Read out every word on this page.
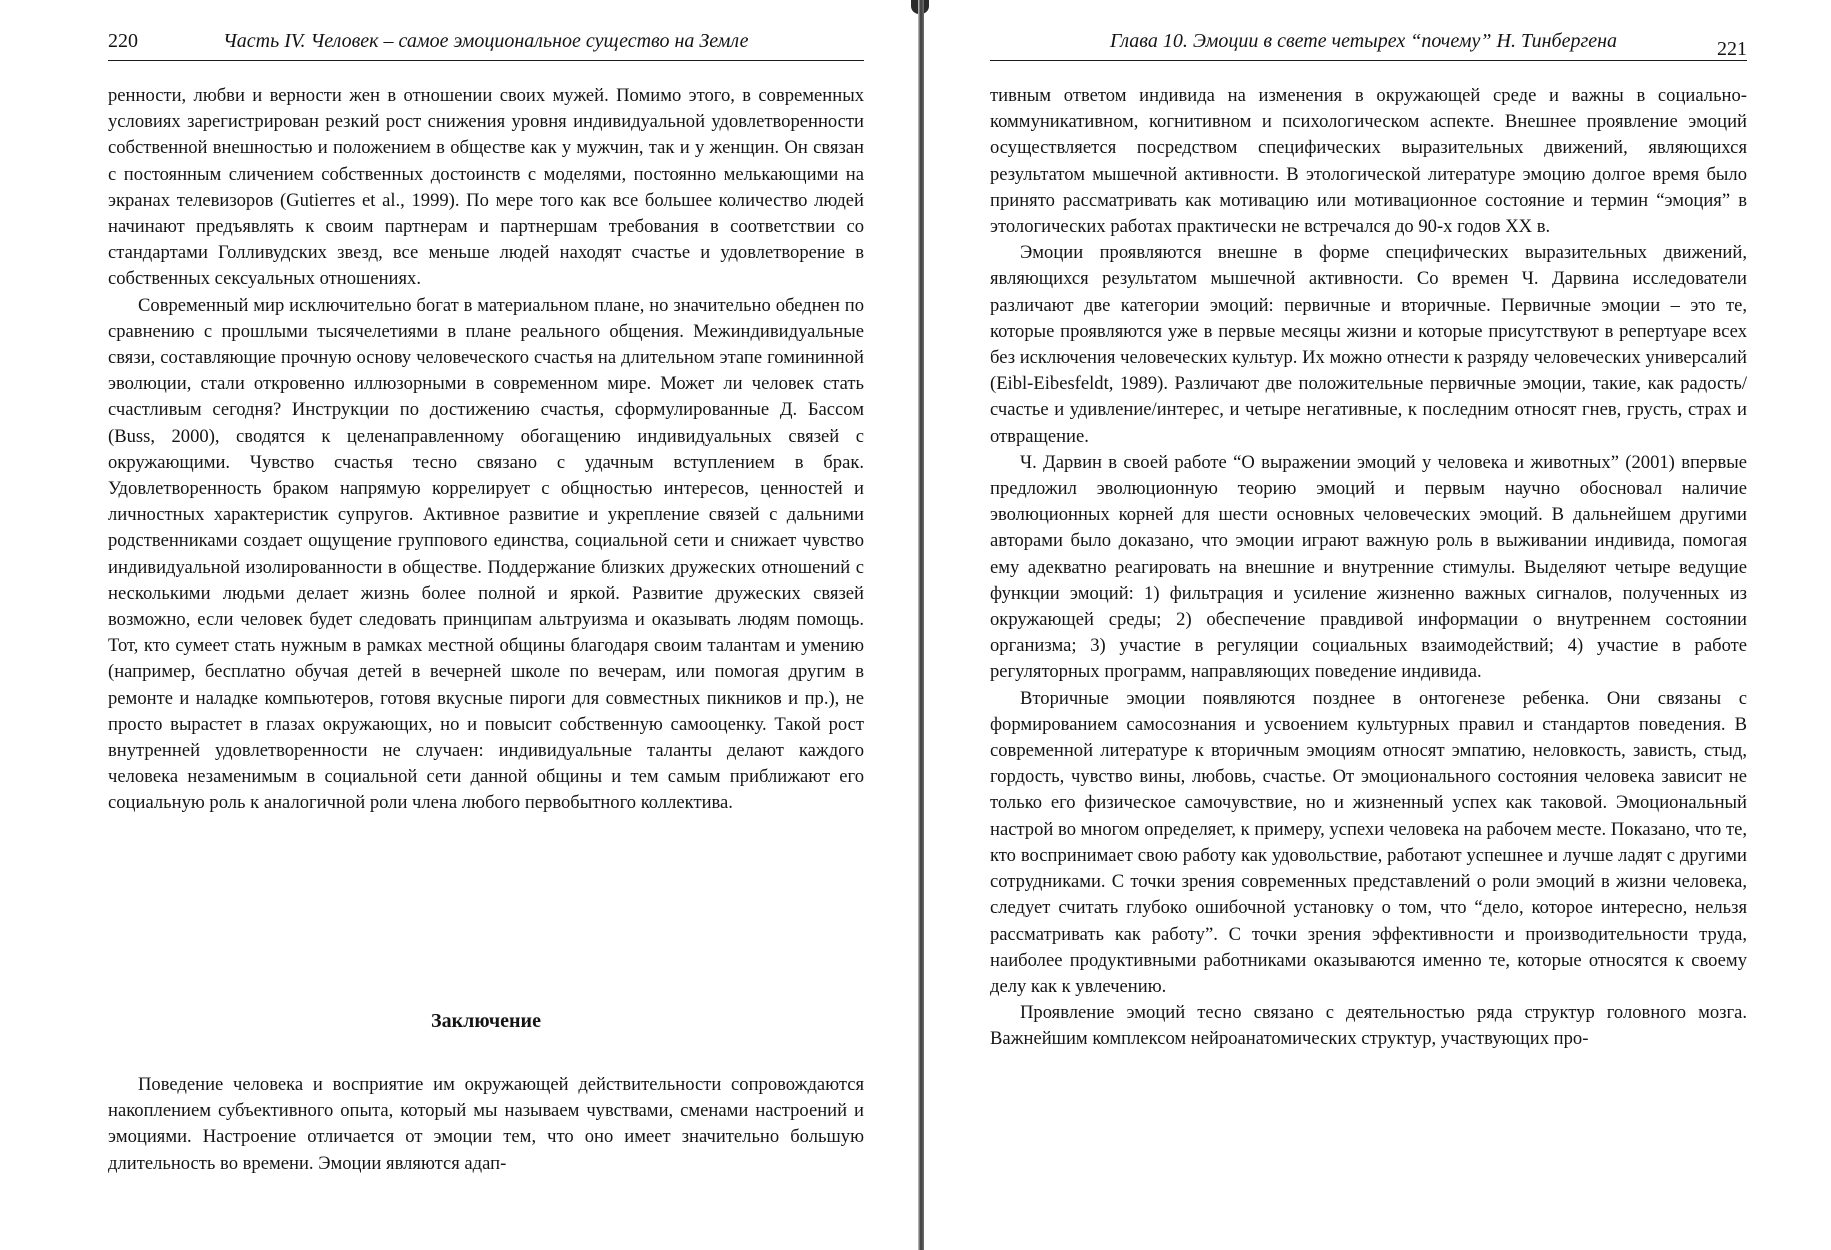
220	Часть IV. Человек – самое эмоциональное существо на Земле

ренности, любви и верности жен в отношении своих мужей. Помимо этого, в современных условиях зарегистрирован резкий рост снижения уровня индивидуальной удовлетворенности собственной внешностью и положением в обществе как у мужчин, так и у женщин. Он связан с постоянным сличением собственных достоинств с моделями, постоянно мелькающими на экранах телевизоров (Gutierres et al., 1999). По мере того как все большее количество людей начинают предъявлять к своим партнерам и партнершам требования в соответствии со стандартами Голливудских звезд, все меньше людей находят счастье и удовлетворение в собственных сексуальных отношениях.

Современный мир исключительно богат в материальном плане, но значительно обеднен по сравнению с прошлыми тысячелетиями в плане реального общения. Межиндивидуальные связи, составляющие прочную основу человеческого счастья на длительном этапе гомининной эволюции, стали откровенно иллюзорными в современном мире. Может ли человек стать счастливым сегодня? Инструкции по достижению счастья, сформулированные Д. Бассом (Buss, 2000), сводятся к целенаправленному обогащению индивидуальных связей с окружающими. Чувство счастья тесно связано с удачным вступлением в брак. Удовлетворенность браком напрямую коррелирует с общностью интересов, ценностей и личностных характеристик супругов. Активное развитие и укрепление связей с дальними родственниками создает ощущение группового единства, социальной сети и снижает чувство индивидуальной изолированности в обществе. Поддержание близких дружеских отношений с несколькими людьми делает жизнь более полной и яркой. Развитие дружеских связей возможно, если человек будет следовать принципам альтруизма и оказывать людям помощь. Тот, кто сумеет стать нужным в рамках местной общины благодаря своим талантам и умению (например, бесплатно обучая детей в вечерней школе по вечерам, или помогая другим в ремонте и наладке компьютеров, готовя вкусные пироги для совместных пикников и пр.), не просто вырастет в глазах окружающих, но и повысит собственную самооценку. Такой рост внутренней удовлетворенности не случаен: индивидуальные таланты делают каждого человека незаменимым в социальной сети данной общины и тем самым приближают его социальную роль к аналогичной роли члена любого первобытного коллектива.

Заключение

Поведение человека и восприятие им окружающей действительности сопровождаются накоплением субъективного опыта, который мы называем чувствами, сменами настроений и эмоциями. Настроение отличается от эмоции тем, что оно имеет значительно большую длительность во времени. Эмоции являются адап-

Глава 10. Эмоции в свете четырех “почему” Н. Тинбергена	221

тивным ответом индивида на изменения в окружающей среде и важны в социально-коммуникативном, когнитивном и психологическом аспекте. Внешнее проявление эмоций осуществляется посредством специфических выразительных движений, являющихся результатом мышечной активности. В этологической литературе эмоцию долгое время было принято рассматривать как мотивацию или мотивационное состояние и термин “эмоция” в этологических работах практически не встречался до 90-х годов XX в.

Эмоции проявляются внешне в форме специфических выразительных движений, являющихся результатом мышечной активности. Со времен Ч. Дарвина исследователи различают две категории эмоций: первичные и вторичные. Первичные эмоции – это те, которые проявляются уже в первые месяцы жизни и которые присутствуют в репертуаре всех без исключения человеческих культур. Их можно отнести к разряду человеческих универсалий (Eibl-Eibesfeldt, 1989). Различают две положительные первичные эмоции, такие, как радость/счастье и удивление/интерес, и четыре негативные, к последним относят гнев, грусть, страх и отвращение.

Ч. Дарвин в своей работе “О выражении эмоций у человека и животных” (2001) впервые предложил эволюционную теорию эмоций и первым научно обосновал наличие эволюционных корней для шести основных человеческих эмоций. В дальнейшем другими авторами было доказано, что эмоции играют важную роль в выживании индивида, помогая ему адекватно реагировать на внешние и внутренние стимулы. Выделяют четыре ведущие функции эмоций: 1) фильтрация и усиление жизненно важных сигналов, полученных из окружающей среды; 2) обеспечение правдивой информации о внутреннем состоянии организма; 3) участие в регуляции социальных взаимодействий; 4) участие в работе регуляторных программ, направляющих поведение индивида.

Вторичные эмоции появляются позднее в онтогенезе ребенка. Они связаны с формированием самосознания и усвоением культурных правил и стандартов поведения. В современной литературе к вторичным эмоциям относят эмпатию, неловкость, зависть, стыд, гордость, чувство вины, любовь, счастье. От эмоционального состояния человека зависит не только его физическое самочувствие, но и жизненный успех как таковой. Эмоциональный настрой во многом определяет, к примеру, успехи человека на рабочем месте. Показано, что те, кто воспринимает свою работу как удовольствие, работают успешнее и лучше ладят с другими сотрудниками. С точки зрения современных представлений о роли эмоций в жизни человека, следует считать глубоко ошибочной установку о том, что “дело, которое интересно, нельзя рассматривать как работу”. С точки зрения эффективности и производительности труда, наиболее продуктивными работниками оказываются именно те, которые относятся к своему делу как к увлечению.

Проявление эмоций тесно связано с деятельностью ряда структур головного мозга. Важнейшим комплексом нейроанатомических структур, участвующих про-
